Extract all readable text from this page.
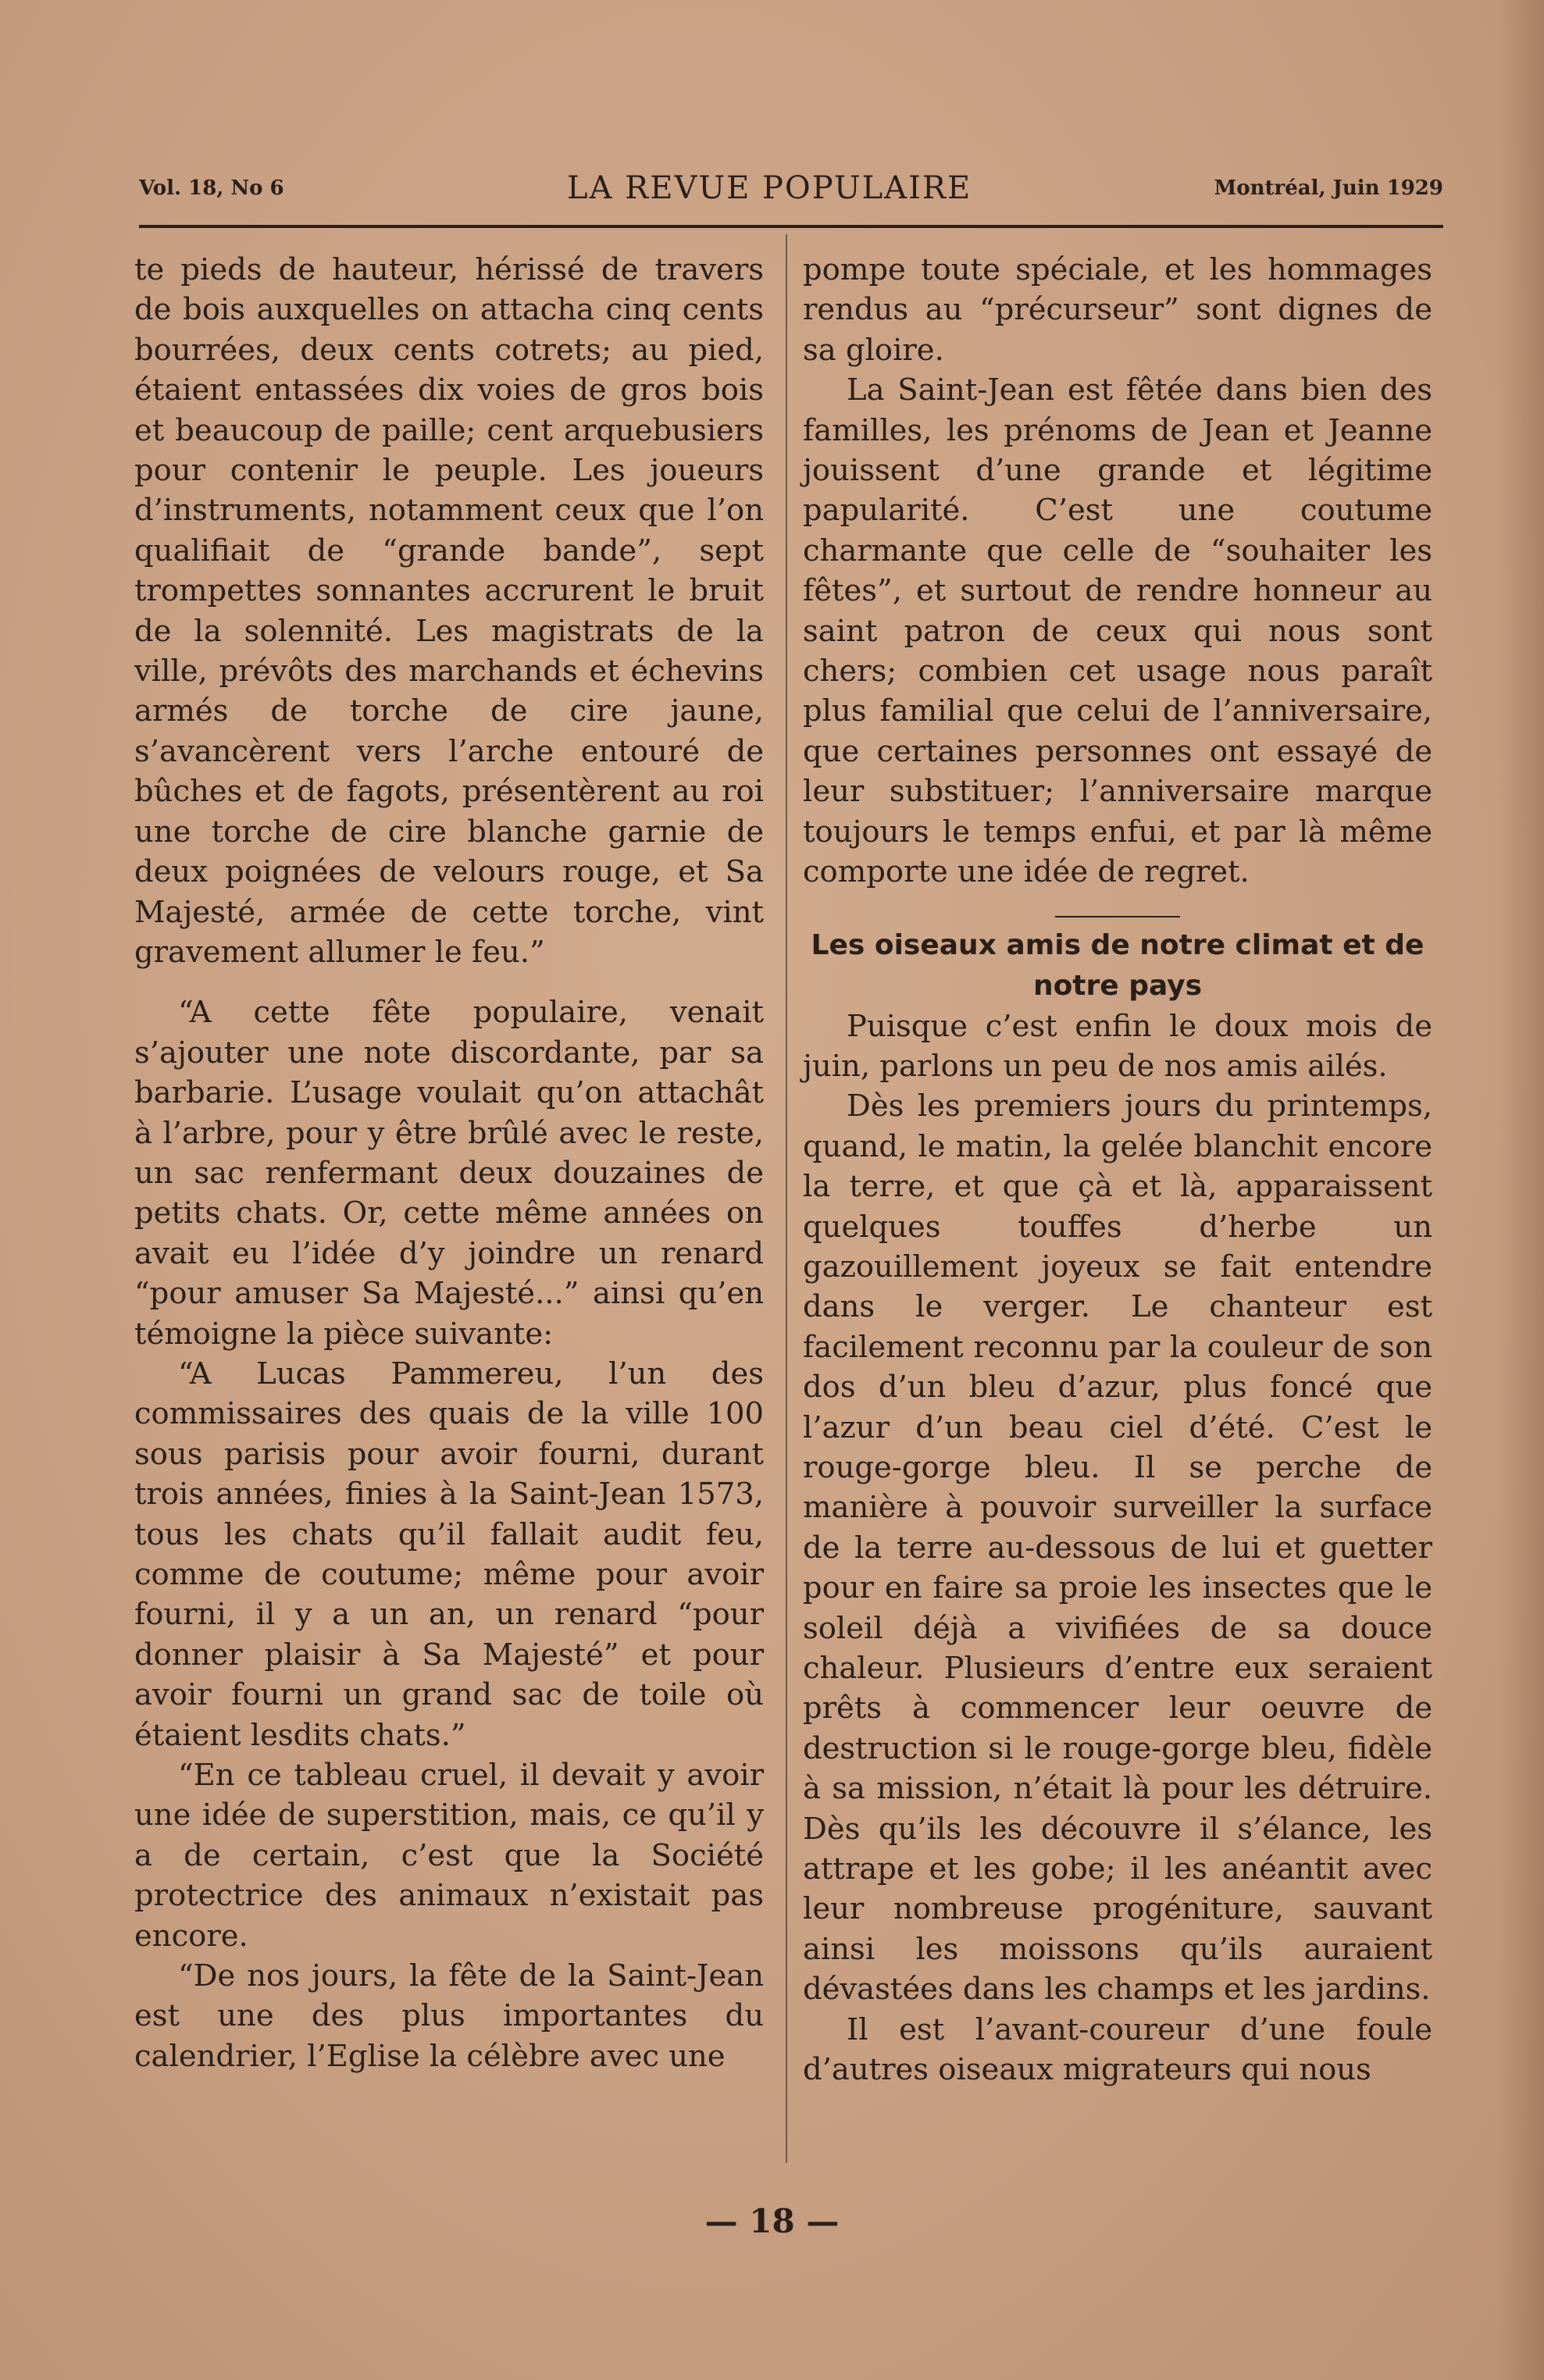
Vol. 18, No 6	LA REVUE POPULAIRE	Montréal, Juin 1929

te pieds de hauteur, hérissé de travers de bois auxquelles on attacha cinq cents bourrées, deux cents cotrets; au pied, étaient entassées dix voies de gros bois et beaucoup de paille; cent arquebusiers pour contenir le peuple. Les joueurs d’instruments, notamment ceux que l’on qualifiait de “grande bande”, sept trompettes sonnantes accrurent le bruit de la solennité. Les magistrats de la ville, prévôts des marchands et échevins armés de torche de cire jaune, s’avancèrent vers l’arche entouré de bûches et de fagots, présentèrent au roi une torche de cire blanche garnie de deux poignées de velours rouge, et Sa Majesté, armée de cette torche, vint gravement allumer le feu.”

“A cette fête populaire, venait s’ajouter une note discordante, par sa barbarie. L’usage voulait qu’on attachât à l’arbre, pour y être brûlé avec le reste, un sac renfermant deux douzaines de petits chats. Or, cette même années on avait eu l’idée d’y joindre un renard “pour amuser Sa Majesté...” ainsi qu’en témoigne la pièce suivante:

“A Lucas Pammereu, l’un des commissaires des quais de la ville 100 sous parisis pour avoir fourni, durant trois années, finies à la Saint-Jean 1573, tous les chats qu’il fallait audit feu, comme de coutume; même pour avoir fourni, il y a un an, un renard “pour donner plaisir à Sa Majesté” et pour avoir fourni un grand sac de toile où étaient lesdits chats.”

“En ce tableau cruel, il devait y avoir une idée de superstition, mais, ce qu’il y a de certain, c’est que la Société protectrice des animaux n’existait pas encore.

“De nos jours, la fête de la Saint-Jean est une des plus importantes du calendrier, l’Eglise la célèbre avec une

pompe toute spéciale, et les hommages rendus au “précurseur” sont dignes de sa gloire.

La Saint-Jean est fêtée dans bien des familles, les prénoms de Jean et Jeanne jouissent d’une grande et légitime papularité. C’est une coutume charmante que celle de “souhaiter les fêtes”, et surtout de rendre honneur au saint patron de ceux qui nous sont chers; combien cet usage nous paraît plus familial que celui de l’anniversaire, que certaines personnes ont essayé de leur substituer; l’anniversaire marque toujours le temps enfui, et par là même comporte une idée de regret.

Les oiseaux amis de notre climat et de notre pays

Puisque c’est enfin le doux mois de juin, parlons un peu de nos amis ailés.

Dès les premiers jours du printemps, quand, le matin, la gelée blanchit encore la terre, et que çà et là, apparaissent quelques touffes d’herbe un gazouillement joyeux se fait entendre dans le verger. Le chanteur est facilement reconnu par la couleur de son dos d’un bleu d’azur, plus foncé que l’azur d’un beau ciel d’été. C’est le rouge-gorge bleu. Il se perche de manière à pouvoir surveiller la surface de la terre au-dessous de lui et guetter pour en faire sa proie les insectes que le soleil déjà a vivifiées de sa douce chaleur. Plusieurs d’entre eux seraient prêts à commencer leur oeuvre de destruction si le rouge-gorge bleu, fidèle à sa mission, n’était là pour les détruire. Dès qu’ils les découvre il s’élance, les attrape et les gobe; il les anéantit avec leur nombreuse progéniture, sauvant ainsi les moissons qu’ils auraient dévastées dans les champs et les jardins.

Il est l’avant-coureur d’une foule d’autres oiseaux migrateurs qui nous

— 18 —
